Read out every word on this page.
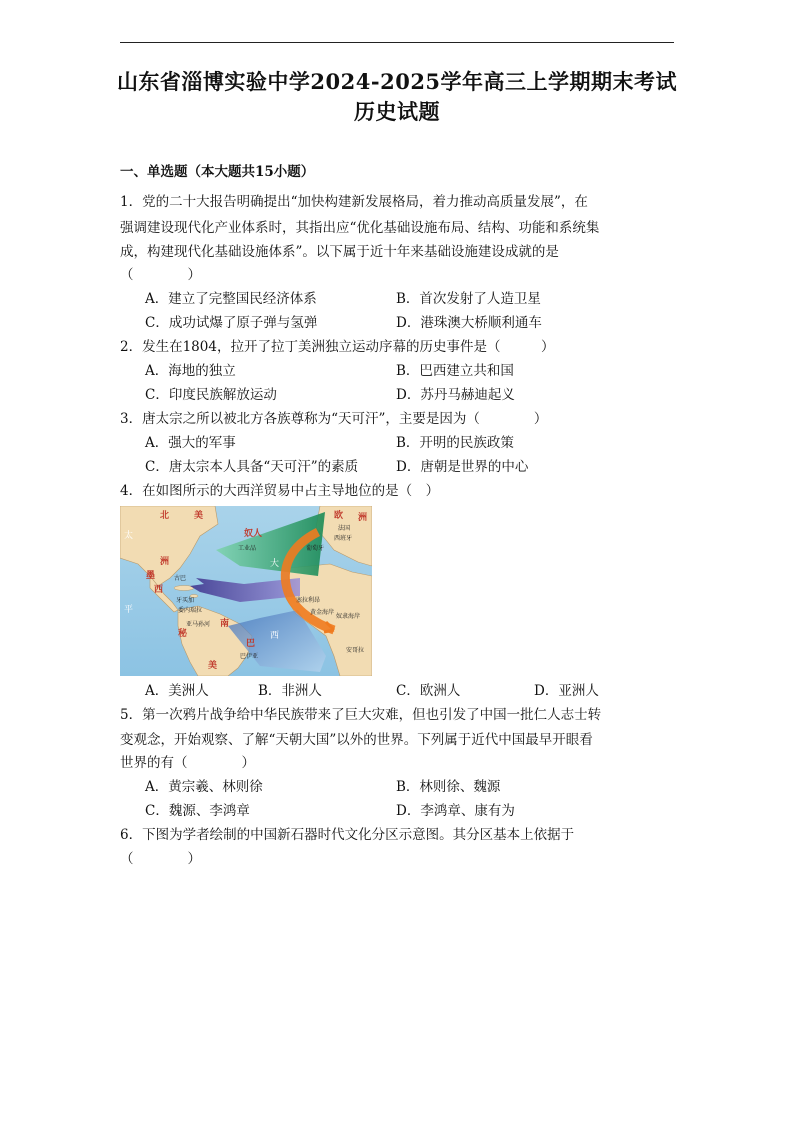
山东省淄博实验中学2024-2025学年高三上学期期末考试
历史试题
一、单选题（本大题共15小题）
1．党的二十大报告明确提出“加快构建新发展格局，着力推动高质量发展”，在
强调建设现代化产业体系时，其指出应“优化基础设施布局、结构、功能和系统集
成，构建现代化基础设施体系”。以下属于近十年来基础设施建设成就的是
（　　　　）
A．建立了完整国民经济体系	B．首次发射了人造卫星
C．成功试爆了原子弹与氢弹	D．港珠澳大桥顺利通车
2．发生在1804，拉开了拉丁美洲独立运动序幕的历史事件是（　　　）
A．海地的独立	B．巴西建立共和国
C．印度民族解放运动	D．苏丹马赫迪起义
3．唐太宗之所以被北方各族尊称为“天可汗”，主要是因为（　　　　）
A．强大的军事	B．开明的民族政策
C．唐太宗本人具备“天可汗”的素质	D．唐朝是世界的中心
4．在如图所示的大西洋贸易中占主导地位的是（　）
北	美
洲
太
平
欧 洲
法国
西班牙
葡萄牙
墨
西
古巴
牙买加
委内瑞拉
南
美
秘
巴
巴伊亚
安哥拉
黄金海岸
奴隶海岸
塞拉利昂
大
西
奴人
工业品
亚马孙河
A．美洲人	B．非洲人	C．欧洲人	D．亚洲人
5．第一次鸦片战争给中华民族带来了巨大灾难，但也引发了中国一批仁人志士转
变观念，开始观察、了解“天朝大国”以外的世界。下列属于近代中国最早开眼看
世界的有（　　　　）
A．黄宗羲、林则徐	B．林则徐、魏源
C．魏源、李鸿章	D．李鸿章、康有为
6．下图为学者绘制的中国新石器时代文化分区示意图。其分区基本上依据于
（　　　　）
